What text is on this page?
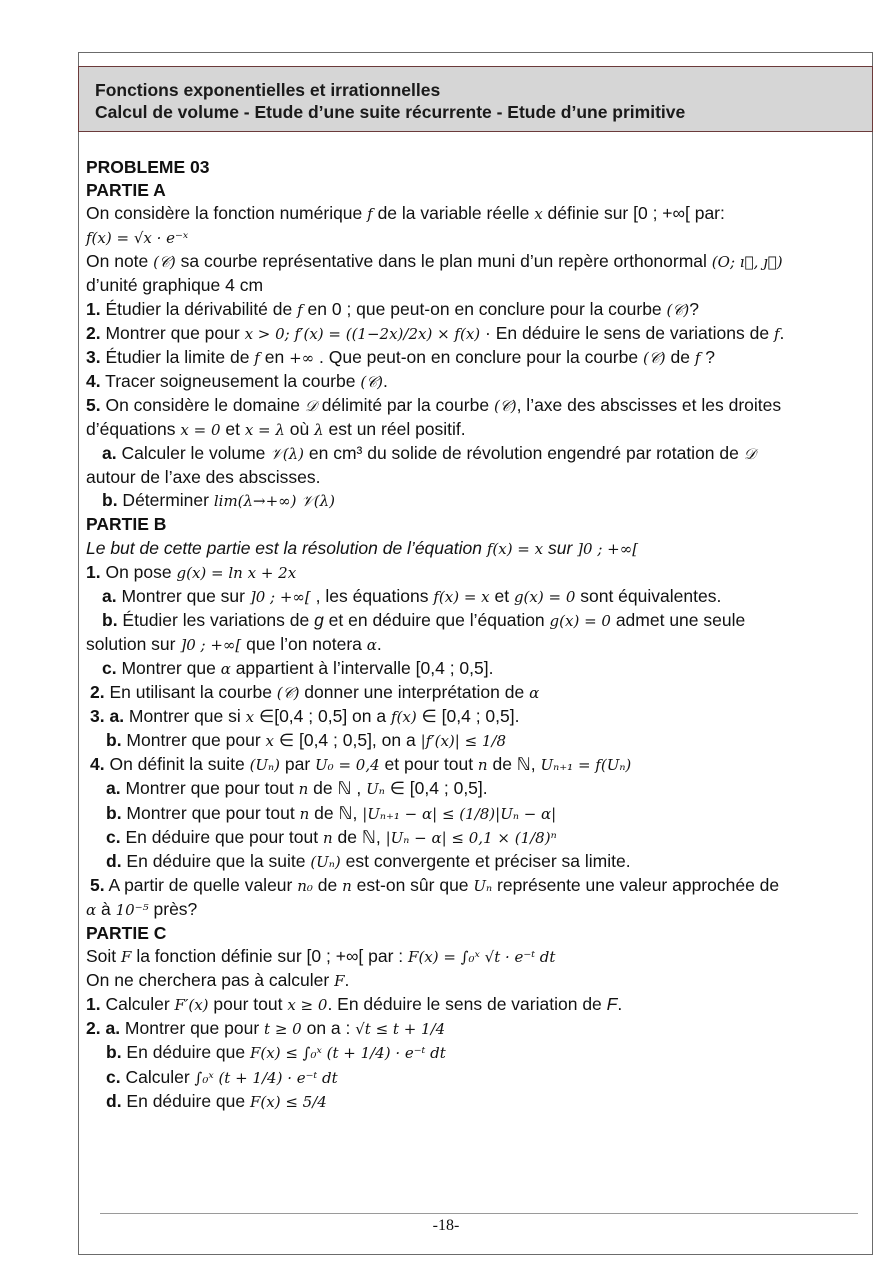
Fonctions exponentielles et irrationnelles
Calcul de volume - Etude d’une suite récurrente - Etude d’une primitive
PROBLEME 03
PARTIE A
On considère la fonction numérique f de la variable réelle x définie sur [0 ; +∞[ par:
f(x) = √x · e⁻ˣ
On note (𝒞) sa courbe représentative dans le plan muni d’un repère orthonormal (O; ı⃗, ȷ⃗)
d’unité graphique 4 cm
1. Étudier la dérivabilité de f en 0 ; que peut-on en conclure pour la courbe (𝒞)?
2. Montrer que pour x > 0; f′(x) = ((1−2x)/2x) × f(x) · En déduire le sens de variations de f.
3. Étudier la limite de f en +∞ . Que peut-on en conclure pour la courbe (𝒞) de f ?
4. Tracer soigneusement la courbe (𝒞).
5. On considère le domaine 𝒟 délimité par la courbe (𝒞), l’axe des abscisses et les droites
d’équations x = 0 et x = λ où λ est un réel positif.
a. Calculer le volume 𝒱(λ) en cm³ du solide de révolution engendré par rotation de 𝒟
autour de l’axe des abscisses.
b. Déterminer lim(λ→+∞) 𝒱(λ)
PARTIE B
Le but de cette partie est la résolution de l’équation f(x) = x sur ]0 ; +∞[
1. On pose g(x) = ln x + 2x
a. Montrer que sur ]0 ; +∞[ , les équations f(x) = x et g(x) = 0 sont équivalentes.
b. Étudier les variations de g et en déduire que l’équation g(x) = 0 admet une seule
solution sur ]0 ; +∞[ que l’on notera α.
c. Montrer que α appartient à l’intervalle [0,4 ; 0,5].
2. En utilisant la courbe (𝒞) donner une interprétation de α
3. a. Montrer que si x ∈[0,4 ; 0,5] on a f(x) ∈ [0,4 ; 0,5].
b. Montrer que pour x ∈ [0,4 ; 0,5], on a |f′(x)| ≤ 1/8
4. On définit la suite (Uₙ) par U₀ = 0,4 et pour tout n de ℕ, Uₙ₊₁ = f(Uₙ)
a. Montrer que pour tout n de ℕ , Uₙ ∈ [0,4 ; 0,5].
b. Montrer que pour tout n de ℕ, |Uₙ₊₁ − α| ≤ (1/8)|Uₙ − α|
c. En déduire que pour tout n de ℕ, |Uₙ − α| ≤ 0,1 × (1/8)ⁿ
d. En déduire que la suite (Uₙ) est convergente et préciser sa limite.
5. A partir de quelle valeur n₀ de n est-on sûr que Uₙ représente une valeur approchée de
α à 10⁻⁵ près?
PARTIE C
Soit F la fonction définie sur [0 ; +∞[ par : F(x) = ∫₀ˣ √t · e⁻ᵗ dt
On ne cherchera pas à calculer F.
1. Calculer F′(x) pour tout x ≥ 0. En déduire le sens de variation de F.
2. a. Montrer que pour t ≥ 0 on a : √t ≤ t + 1/4
b. En déduire que F(x) ≤ ∫₀ˣ (t + 1/4) · e⁻ᵗ dt
c. Calculer ∫₀ˣ (t + 1/4) · e⁻ᵗ dt
d. En déduire que F(x) ≤ 5/4
-18-
